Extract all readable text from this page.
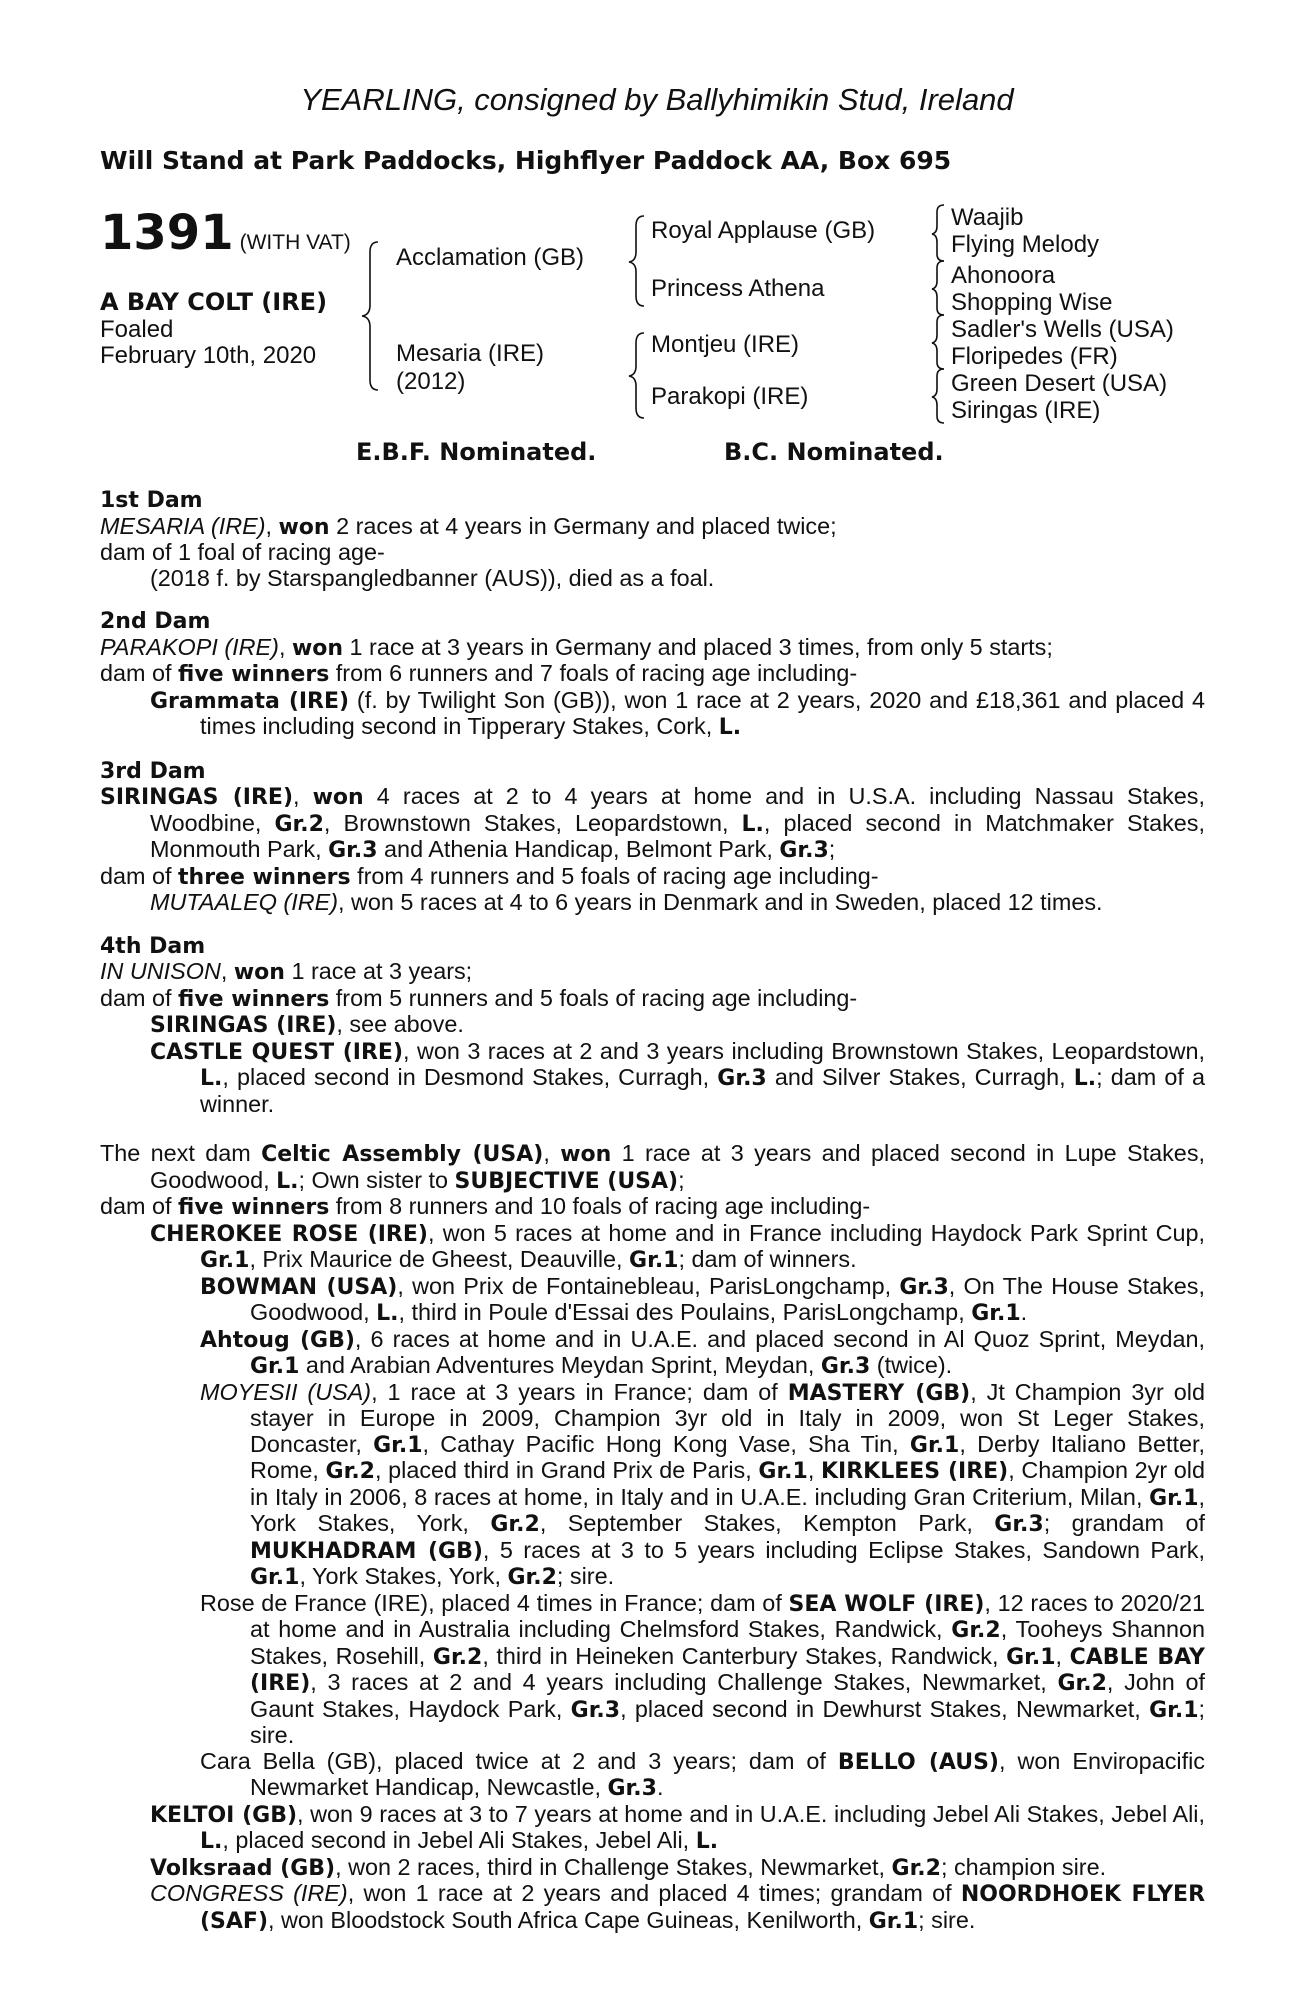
YEARLING, consigned by Ballyhimikin Stud, Ireland
Will Stand at Park Paddocks, Highflyer Paddock AA, Box 695
1391 (WITH VAT)
A BAY COLT (IRE)
Foaled
February 10th, 2020
Acclamation (GB)
Mesaria (IRE)
(2012)
Royal Applause (GB)
Princess Athena
Montjeu (IRE)
Parakopi (IRE)
Waajib
Flying Melody
Ahonoora
Shopping Wise
Sadler's Wells (USA)
Floripedes (FR)
Green Desert (USA)
Siringas (IRE)
E.B.F. Nominated.	B.C. Nominated.

1st Dam

MESARIA (IRE), won 2 races at 4 years in Germany and placed twice;

dam of 1 foal of racing age-

(2018 f. by Starspangledbanner (AUS)), died as a foal.

2nd Dam

PARAKOPI (IRE), won 1 race at 3 years in Germany and placed 3 times, from only 5 starts;

dam of five winners from 6 runners and 7 foals of racing age including-

Grammata (IRE) (f. by Twilight Son (GB)), won 1 race at 2 years, 2020 and £18,361 and placed 4 times including second in Tipperary Stakes, Cork, L.

3rd Dam

SIRINGAS (IRE), won 4 races at 2 to 4 years at home and in U.S.A. including Nassau Stakes, Woodbine, Gr.2, Brownstown Stakes, Leopardstown, L., placed second in Matchmaker Stakes, Monmouth Park, Gr.3 and Athenia Handicap, Belmont Park, Gr.3;

dam of three winners from 4 runners and 5 foals of racing age including-

MUTAALEQ (IRE), won 5 races at 4 to 6 years in Denmark and in Sweden, placed 12 times.

4th Dam

IN UNISON, won 1 race at 3 years;

dam of five winners from 5 runners and 5 foals of racing age including-

SIRINGAS (IRE), see above.

CASTLE QUEST (IRE), won 3 races at 2 and 3 years including Brownstown Stakes, Leopardstown, L., placed second in Desmond Stakes, Curragh, Gr.3 and Silver Stakes, Curragh, L.; dam of a winner.

The next dam Celtic Assembly (USA), won 1 race at 3 years and placed second in Lupe Stakes, Goodwood, L.; Own sister to SUBJECTIVE (USA);

dam of five winners from 8 runners and 10 foals of racing age including-

CHEROKEE ROSE (IRE), won 5 races at home and in France including Haydock Park Sprint Cup, Gr.1, Prix Maurice de Gheest, Deauville, Gr.1; dam of winners.

BOWMAN (USA), won Prix de Fontainebleau, ParisLongchamp, Gr.3, On The House Stakes, Goodwood, L., third in Poule d'Essai des Poulains, ParisLongchamp, Gr.1.

Ahtoug (GB), 6 races at home and in U.A.E. and placed second in Al Quoz Sprint, Meydan, Gr.1 and Arabian Adventures Meydan Sprint, Meydan, Gr.3 (twice).

MOYESII (USA), 1 race at 3 years in France; dam of MASTERY (GB), Jt Champion 3yr old stayer in Europe in 2009, Champion 3yr old in Italy in 2009, won St Leger Stakes, Doncaster, Gr.1, Cathay Pacific Hong Kong Vase, Sha Tin, Gr.1, Derby Italiano Better, Rome, Gr.2, placed third in Grand Prix de Paris, Gr.1, KIRKLEES (IRE), Champion 2yr old in Italy in 2006, 8 races at home, in Italy and in U.A.E. including Gran Criterium, Milan, Gr.1, York Stakes, York, Gr.2, September Stakes, Kempton Park, Gr.3; grandam of MUKHADRAM (GB), 5 races at 3 to 5 years including Eclipse Stakes, Sandown Park, Gr.1, York Stakes, York, Gr.2; sire.

Rose de France (IRE), placed 4 times in France; dam of SEA WOLF (IRE), 12 races to 2020/21 at home and in Australia including Chelmsford Stakes, Randwick, Gr.2, Tooheys Shannon Stakes, Rosehill, Gr.2, third in Heineken Canterbury Stakes, Randwick, Gr.1, CABLE BAY (IRE), 3 races at 2 and 4 years including Challenge Stakes, Newmarket, Gr.2, John of Gaunt Stakes, Haydock Park, Gr.3, placed second in Dewhurst Stakes, Newmarket, Gr.1; sire.

Cara Bella (GB), placed twice at 2 and 3 years; dam of BELLO (AUS), won Enviropacific Newmarket Handicap, Newcastle, Gr.3.

KELTOI (GB), won 9 races at 3 to 7 years at home and in U.A.E. including Jebel Ali Stakes, Jebel Ali, L., placed second in Jebel Ali Stakes, Jebel Ali, L.

Volksraad (GB), won 2 races, third in Challenge Stakes, Newmarket, Gr.2; champion sire.

CONGRESS (IRE), won 1 race at 2 years and placed 4 times; grandam of NOORDHOEK FLYER (SAF), won Bloodstock South Africa Cape Guineas, Kenilworth, Gr.1; sire.
